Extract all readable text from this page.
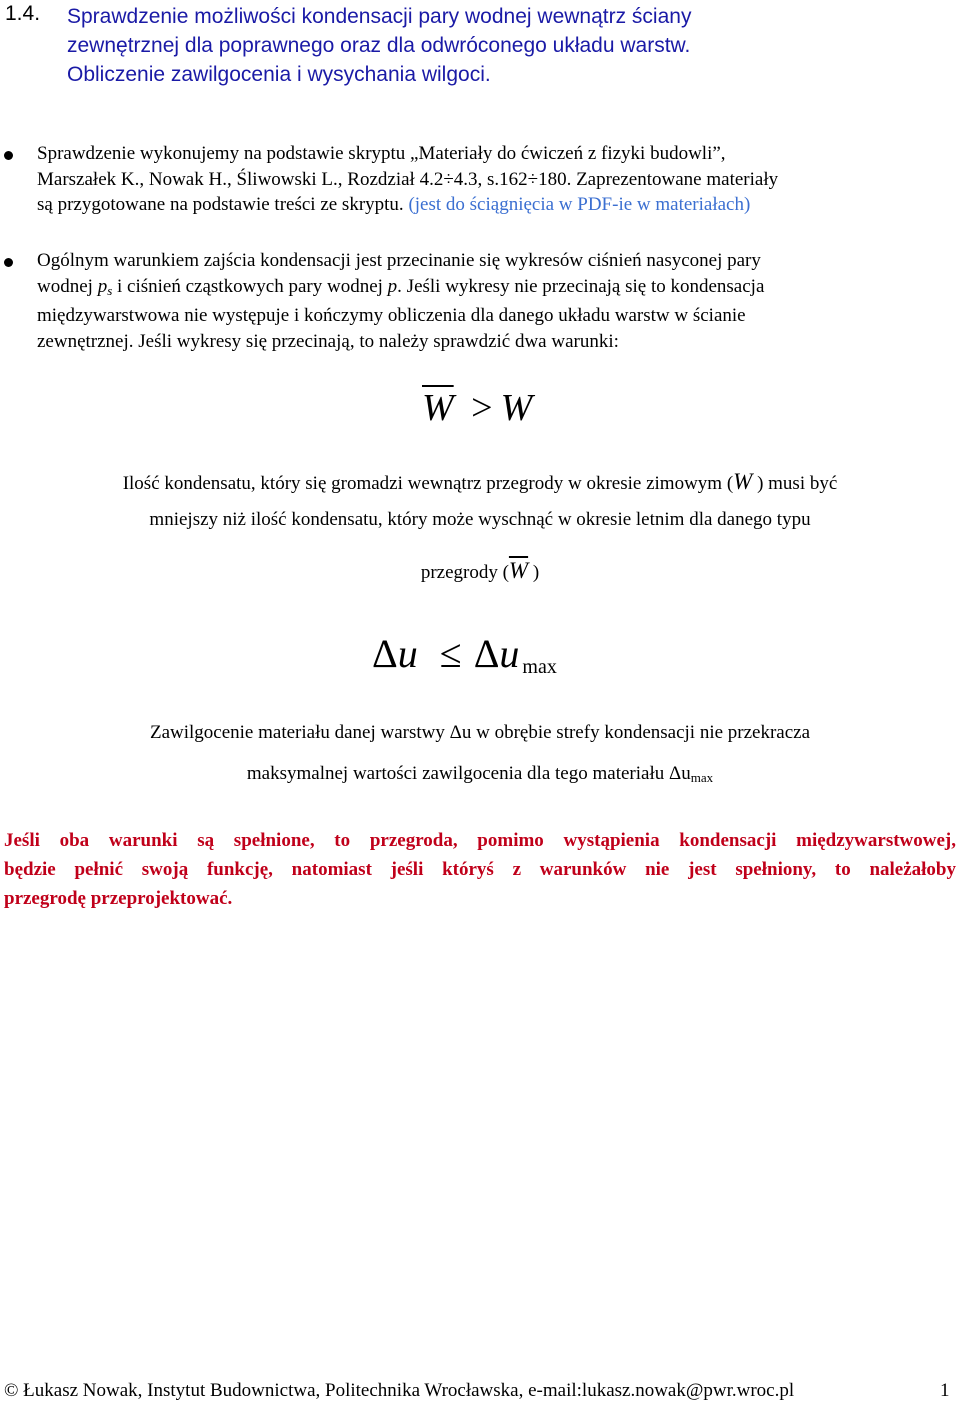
1.4. Sprawdzenie możliwości kondensacji pary wodnej wewnątrz ściany
zewnętrznej dla poprawnego oraz dla odwróconego układu warstw.
Obliczenie zawilgocenia i wysychania wilgoci.
Sprawdzenie wykonujemy na podstawie skryptu „Materiały do ćwiczeń z fizyki budowli”,
Marszałek K., Nowak H., Śliwowski L., Rozdział 4.2÷4.3, s.162÷180. Zaprezentowane materiały
są przygotowane na podstawie treści ze skryptu. (jest do ściągnięcia w PDF-ie w materiałach)
Ogólnym warunkiem zajścia kondensacji jest przecinanie się wykresów ciśnień nasyconej pary
wodnej $p_s$ i ciśnień cząstkowych pary wodnej p. Jeśli wykresy nie przecinają się to kondensacja
międzywarstwowa nie występuje i kończymy obliczenia dla danego układu warstw w ścianie
zewnętrznej. Jeśli wykresy się przecinają, to należy sprawdzić dwa warunki:
$\overline{W} > W$
Ilość kondensatu, który się gromadzi wewnątrz przegrody w okresie zimowym (W ) musi być
mniejszy niż ilość kondensatu, który może wyschnąć w okresie letnim dla danego typu
przegrody ($\overline{W}$ )
Δu ≤ Δu max
Zawilgocenie materiału danej warstwy Δu w obrębie strefy kondensacji nie przekracza
maksymalnej wartości zawilgocenia dla tego materiału Δumax
Jeśli oba warunki są spełnione, to przegroda, pomimo wystąpienia kondensacji międzywarstwowej,
będzie pełnić swoją funkcję, natomiast jeśli któryś z warunków nie jest spełniony, to należałoby
przegrodę przeprojektować.
© Łukasz Nowak, Instytut Budownictwa, Politechnika Wrocławska, e-mail:lukasz.nowak@pwr.wroc.pl	1
